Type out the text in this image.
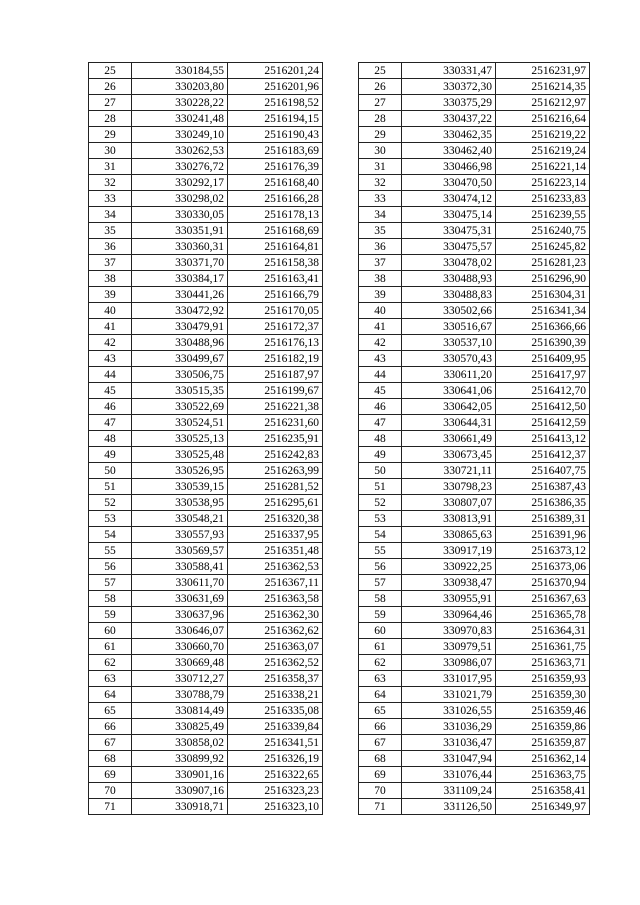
25	330184,55	2516201,24
26	330203,80	2516201,96
27	330228,22	2516198,52
28	330241,48	2516194,15
29	330249,10	2516190,43
30	330262,53	2516183,69
31	330276,72	2516176,39
32	330292,17	2516168,40
33	330298,02	2516166,28
34	330330,05	2516178,13
35	330351,91	2516168,69
36	330360,31	2516164,81
37	330371,70	2516158,38
38	330384,17	2516163,41
39	330441,26	2516166,79
40	330472,92	2516170,05
41	330479,91	2516172,37
42	330488,96	2516176,13
43	330499,67	2516182,19
44	330506,75	2516187,97
45	330515,35	2516199,67
46	330522,69	2516221,38
47	330524,51	2516231,60
48	330525,13	2516235,91
49	330525,48	2516242,83
50	330526,95	2516263,99
51	330539,15	2516281,52
52	330538,95	2516295,61
53	330548,21	2516320,38
54	330557,93	2516337,95
55	330569,57	2516351,48
56	330588,41	2516362,53
57	330611,70	2516367,11
58	330631,69	2516363,58
59	330637,96	2516362,30
60	330646,07	2516362,62
61	330660,70	2516363,07
62	330669,48	2516362,52
63	330712,27	2516358,37
64	330788,79	2516338,21
65	330814,49	2516335,08
66	330825,49	2516339,84
67	330858,02	2516341,51
68	330899,92	2516326,19
69	330901,16	2516322,65
70	330907,16	2516323,23
71	330918,71	2516323,10
25	330331,47	2516231,97
26	330372,30	2516214,35
27	330375,29	2516212,97
28	330437,22	2516216,64
29	330462,35	2516219,22
30	330462,40	2516219,24
31	330466,98	2516221,14
32	330470,50	2516223,14
33	330474,12	2516233,83
34	330475,14	2516239,55
35	330475,31	2516240,75
36	330475,57	2516245,82
37	330478,02	2516281,23
38	330488,93	2516296,90
39	330488,83	2516304,31
40	330502,66	2516341,34
41	330516,67	2516366,66
42	330537,10	2516390,39
43	330570,43	2516409,95
44	330611,20	2516417,97
45	330641,06	2516412,70
46	330642,05	2516412,50
47	330644,31	2516412,59
48	330661,49	2516413,12
49	330673,45	2516412,37
50	330721,11	2516407,75
51	330798,23	2516387,43
52	330807,07	2516386,35
53	330813,91	2516389,31
54	330865,63	2516391,96
55	330917,19	2516373,12
56	330922,25	2516373,06
57	330938,47	2516370,94
58	330955,91	2516367,63
59	330964,46	2516365,78
60	330970,83	2516364,31
61	330979,51	2516361,75
62	330986,07	2516363,71
63	331017,95	2516359,93
64	331021,79	2516359,30
65	331026,55	2516359,46
66	331036,29	2516359,86
67	331036,47	2516359,87
68	331047,94	2516362,14
69	331076,44	2516363,75
70	331109,24	2516358,41
71	331126,50	2516349,97
